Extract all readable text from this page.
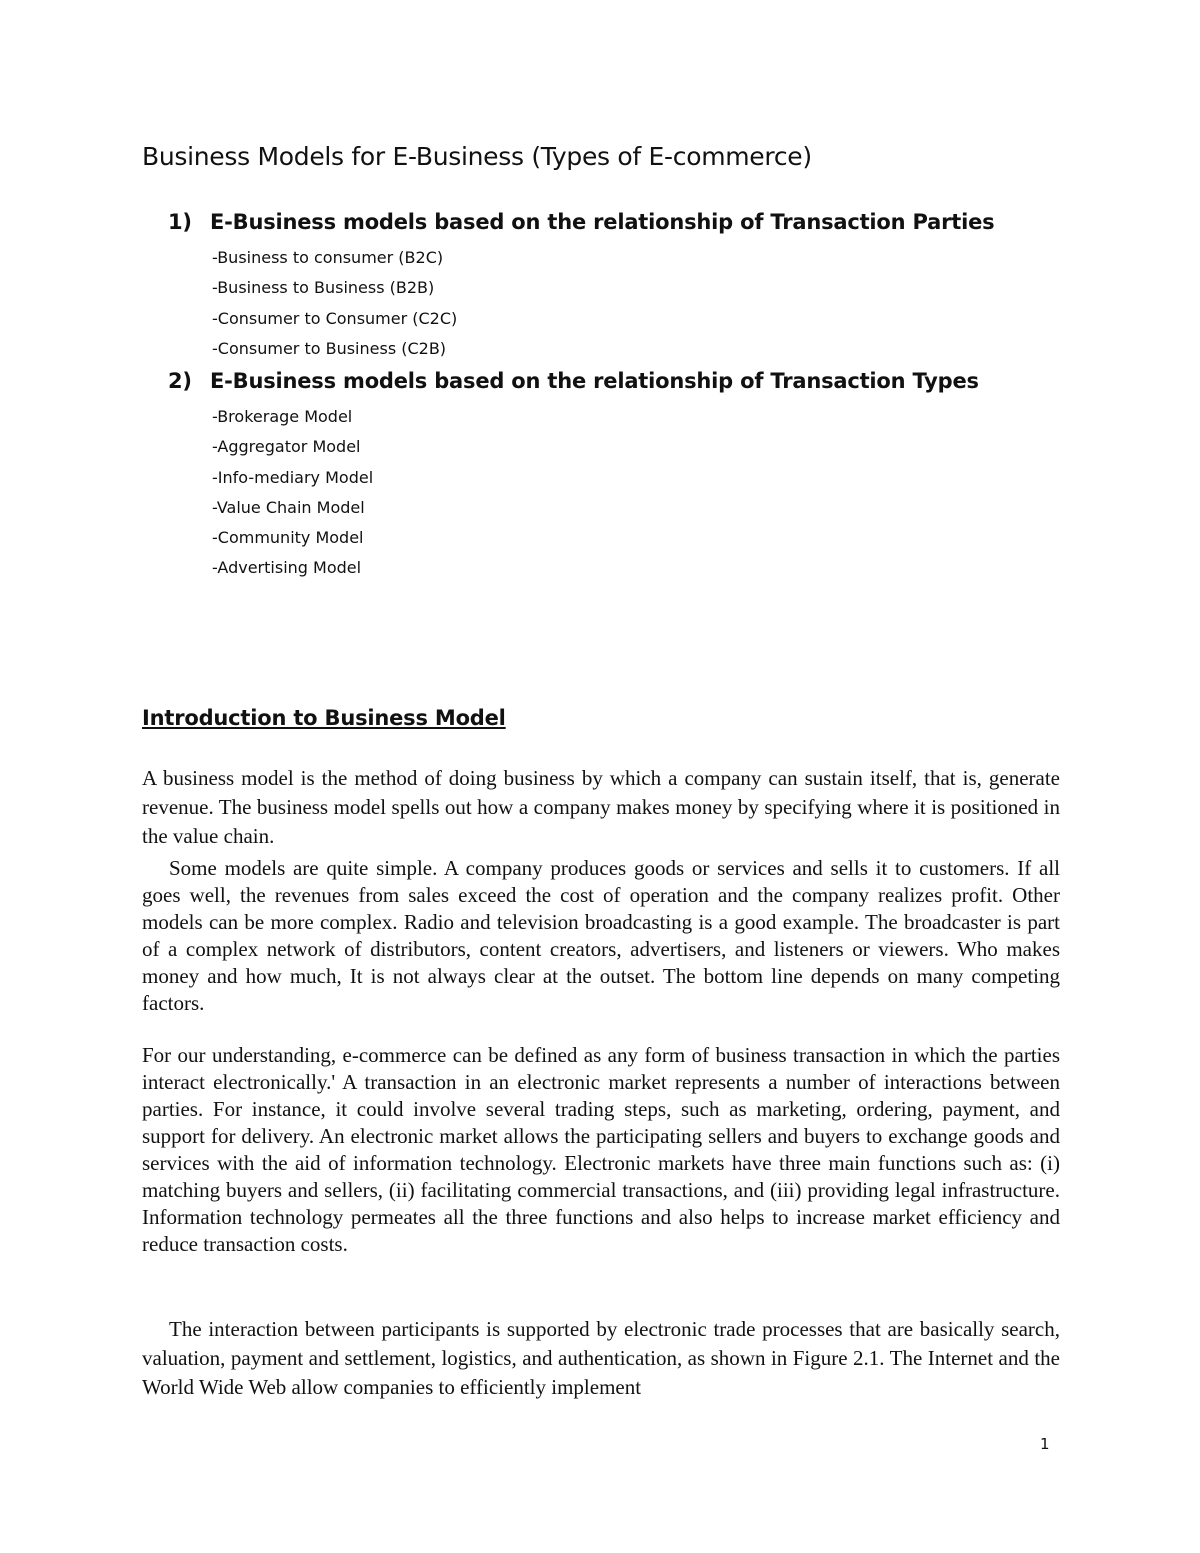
Business Models for E-Business (Types of E-commerce)
1) E-Business models based on the relationship of Transaction Parties
-Business to consumer (B2C)
-Business to Business (B2B)
-Consumer to Consumer (C2C)
-Consumer to Business (C2B)
2) E-Business models based on the relationship of Transaction Types
-Brokerage Model
-Aggregator Model
-Info-mediary Model
-Value Chain Model
-Community Model
-Advertising Model
Introduction to Business Model

A business model is the method of doing business by which a company can sustain itself, that is, generate revenue. The business model spells out how a company makes money by specifying where it is positioned in the value chain.

Some models are quite simple. A company produces goods or services and sells it to customers. If all goes well, the revenues from sales exceed the cost of operation and the company realizes profit. Other models can be more complex. Radio and television broadcasting is a good example. The broadcaster is part of a complex network of distributors, content creators, advertisers, and listeners or viewers. Who makes money and how much, It is not always clear at the outset. The bottom line depends on many competing factors.

For our understanding, e-commerce can be defined as any form of business transaction in which the parties interact electronically.' A transaction in an electronic market represents a number of interactions between parties. For instance, it could involve several trading steps, such as marketing, ordering, payment, and support for delivery. An electronic market allows the participating sellers and buyers to exchange goods and services with the aid of information technology. Electronic markets have three main functions such as: (i) matching buyers and sellers, (ii) facilitating commercial transactions, and (iii) providing legal infrastructure. Information technology permeates all the three functions and also helps to increase market efficiency and reduce transaction costs.

The interaction between participants is supported by electronic trade processes that are basically search, valuation, payment and settlement, logistics, and authentication, as shown in Figure 2.1. The Internet and the World Wide Web allow companies to efficiently implement

1
